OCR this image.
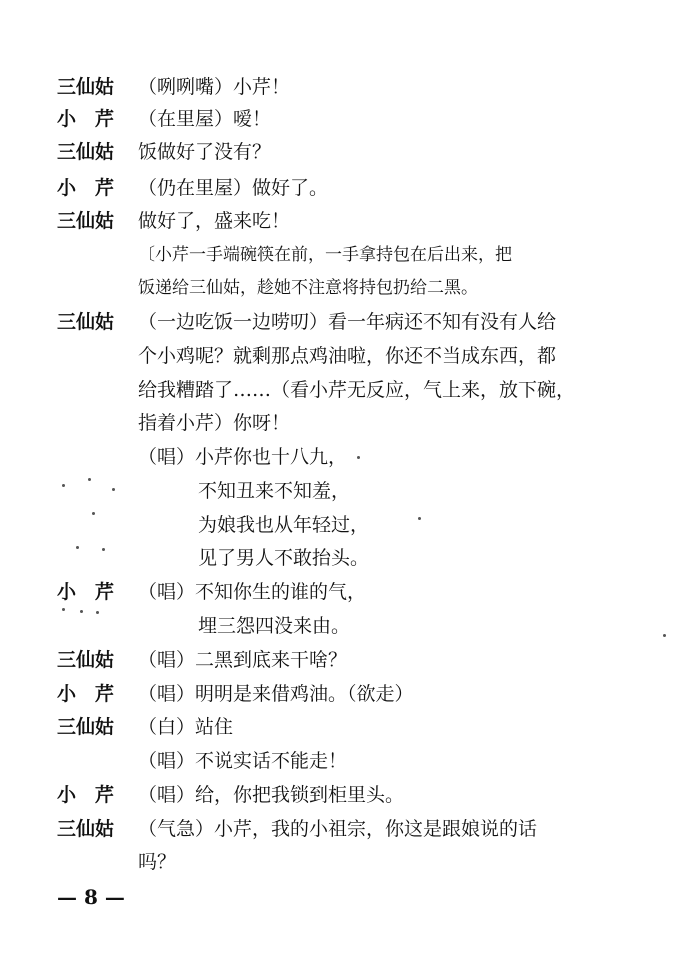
三仙姑	（咧咧嘴）小芹！
小　芹	（在里屋）嗳！
三仙姑	饭做好了没有？
小　芹	（仍在里屋）做好了。
三仙姑	做好了，盛来吃！
〔小芹一手端碗筷在前，一手拿持包在后出来，把
饭递给三仙姑，趁她不注意将持包扔给二黑。
三仙姑	（一边吃饭一边唠叨）看一年病还不知有没有人给
个小鸡呢？就剩那点鸡油啦，你还不当成东西，都
给我糟踏了……（看小芹无反应，气上来，放下碗，
指着小芹）你呀！
（唱）小芹你也十八九，
不知丑来不知羞，
为娘我也从年轻过，
见了男人不敢抬头。
小　芹	（唱）不知你生的谁的气，
埋三怨四没来由。
三仙姑	（唱）二黑到底来干啥？
小　芹	（唱）明明是来借鸡油。（欲走）
三仙姑	（白）站住
（唱）不说实话不能走！
小　芹	（唱）给，你把我锁到柜里头。
三仙姑	（气急）小芹，我的小祖宗，你这是跟娘说的话
吗？
— 8 —
